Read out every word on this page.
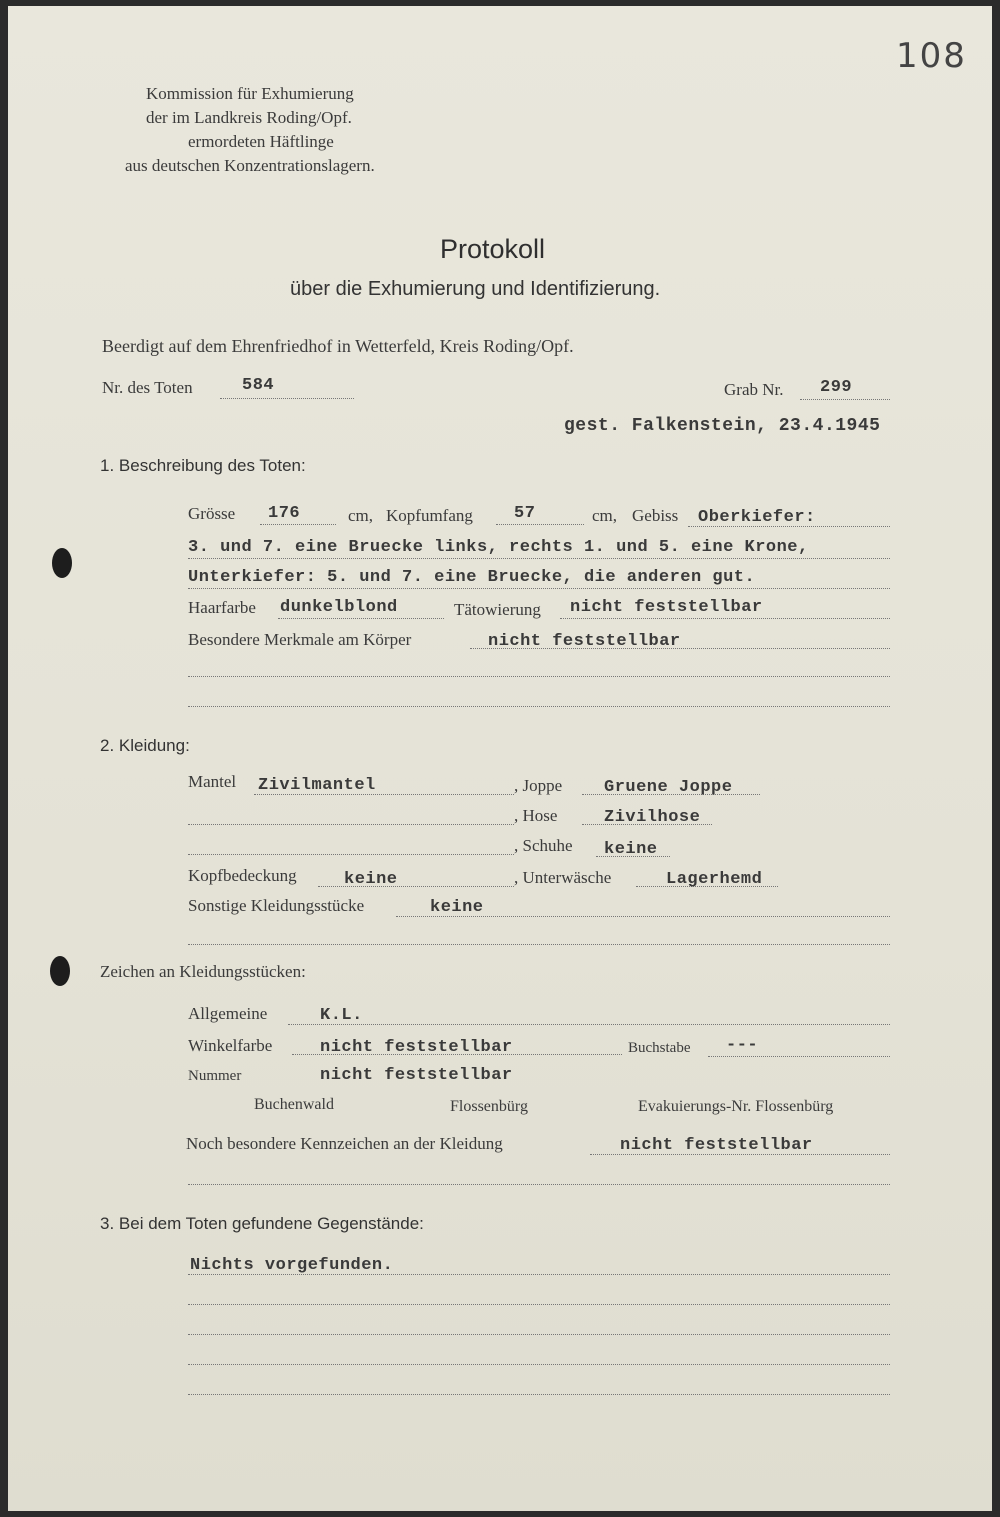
108
Kommission für Exhumierung
der im Landkreis Roding/Opf.
ermordeten Häftlinge
aus deutschen Konzentrationslagern.
Protokoll
über die Exhumierung und Identifizierung.
Beerdigt auf dem Ehrenfriedhof in Wetterfeld, Kreis Roding/Opf.
Nr. des Toten	584	Grab Nr. 299
gest. Falkenstein, 23.4.1945
1. Beschreibung des Toten:
Grösse 176	cm, Kopfumfang 57	cm, Gebiss Oberkiefer:
3. und 7. eine Bruecke links, rechts 1. und 5. eine Krone,
Unterkiefer: 5. und 7. eine Bruecke, die anderen gut.
Haarfarbe dunkelblond	Tätowierung nicht feststellbar
Besondere Merkmale am Körper	nicht feststellbar
2. Kleidung:
Mantel Zivilmantel	, Joppe Gruene Joppe
, Hose	Zivilhose
, Schuhe keine
Kopfbedeckung	keine	, Unterwäsche	Lagerhemd
Sonstige Kleidungsstücke	keine
Zeichen an Kleidungsstücken:
Allgemeine	K.L.
Winkelfarbe	nicht feststellbar	Buchstabe ---
Nummer	nicht feststellbar
Buchenwald	Flossenbürg	Evakuierungs-Nr. Flossenbürg
Noch besondere Kennzeichen an der Kleidung	nicht feststellbar
3. Bei dem Toten gefundene Gegenstände:
Nichts vorgefunden.
